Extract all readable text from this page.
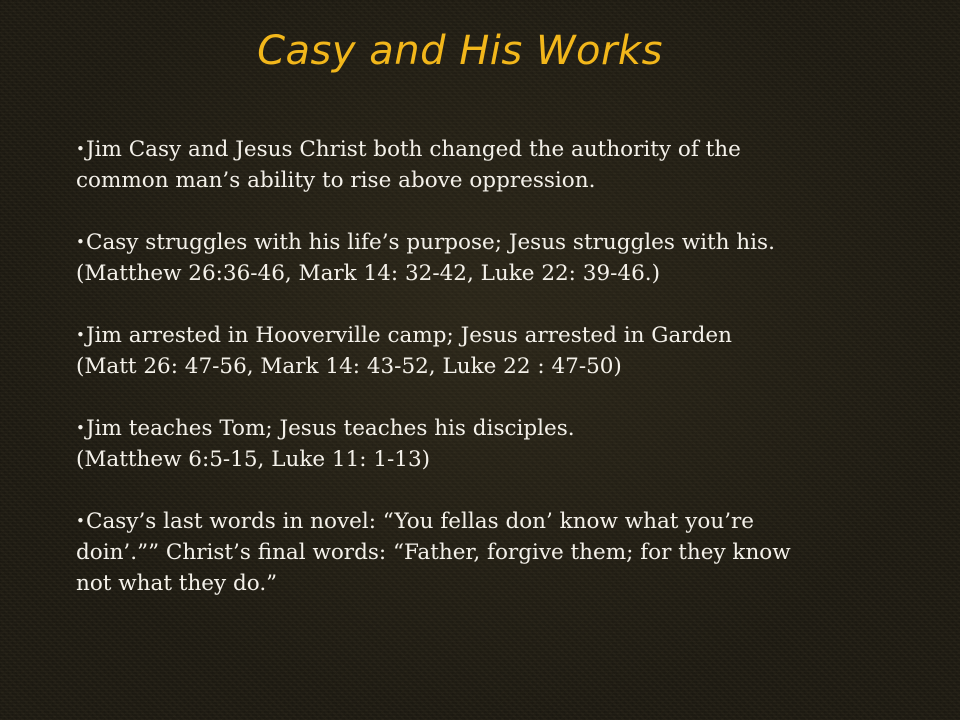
Casy and His Works
•Jim Casy and Jesus Christ both changed the authority of the
common man’s ability to rise above oppression.
•Casy struggles with his life’s purpose; Jesus struggles with his.
(Matthew 26:36-46, Mark 14: 32-42, Luke 22: 39-46.)
•Jim arrested in Hooverville camp; Jesus arrested in Garden
(Matt 26: 47-56, Mark 14: 43-52, Luke 22 : 47-50)
•Jim teaches Tom; Jesus teaches his disciples.
(Matthew 6:5-15, Luke 11: 1-13)
•Casy’s last words in novel: “You fellas don’ know what you’re
doin’.”” Christ’s final words: “Father, forgive them; for they know
not what they do.”
